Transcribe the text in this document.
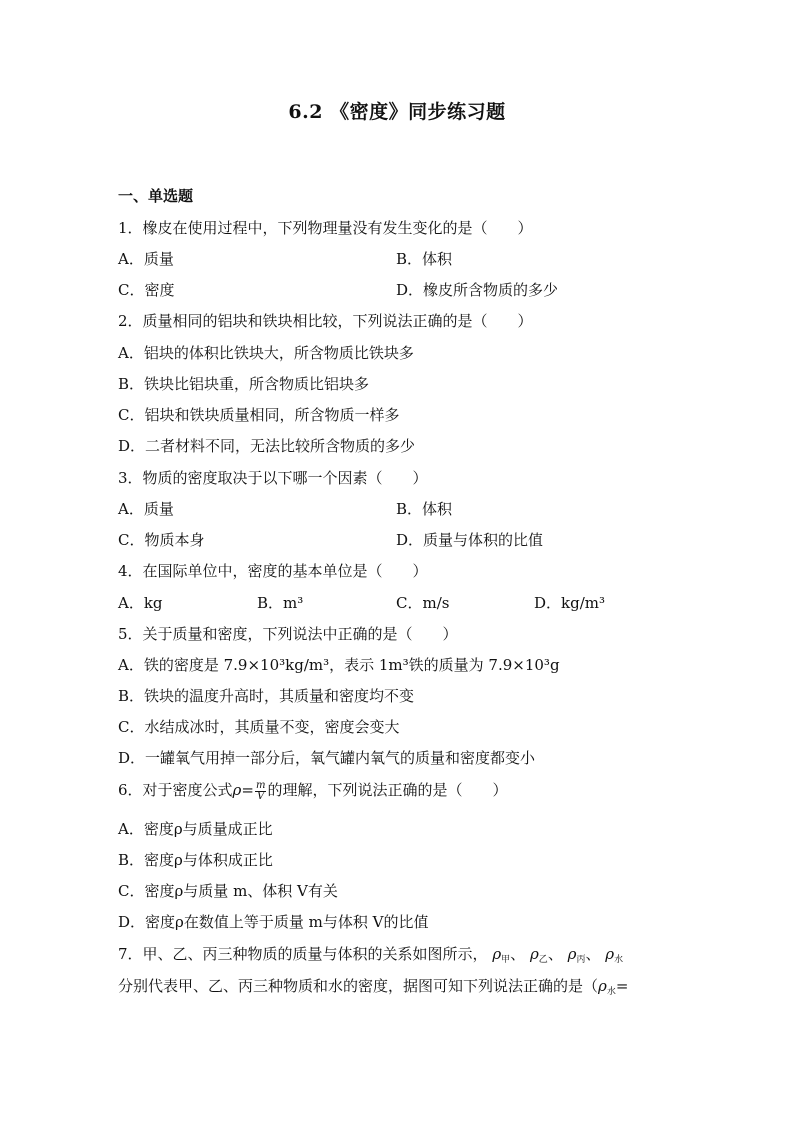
6.2 《密度》同步练习题
一、单选题
1．橡皮在使用过程中，下列物理量没有发生变化的是（　　）
A．质量	B．体积
C．密度	D．橡皮所含物质的多少
2．质量相同的铝块和铁块相比较，下列说法正确的是（　　）
A．铝块的体积比铁块大，所含物质比铁块多
B．铁块比铝块重，所含物质比铝块多
C．铝块和铁块质量相同，所含物质一样多
D．二者材料不同，无法比较所含物质的多少
3．物质的密度取决于以下哪一个因素（　　）
A．质量	B．体积
C．物质本身	D．质量与体积的比值
4．在国际单位中，密度的基本单位是（　　）
A．kg	B．m³	C．m/s	D．kg/m³
5．关于质量和密度，下列说法中正确的是（　　）
A．铁的密度是 7.9×10³kg/m³，表示 1m³铁的质量为 7.9×10³g
B．铁块的温度升高时，其质量和密度均不变
C．水结成冰时，其质量不变，密度会变大
D．一罐氧气用掉一部分后，氧气罐内氧气的质量和密度都变小
6．对于密度公式$\rho= \frac{m}{V}$ 的理解，下列说法正确的是（　　）
A．密度ρ与质量成正比
B．密度ρ与体积成正比
C．密度ρ与质量 m、体积 V有关
D．密度ρ在数值上等于质量 m与体积 V的比值
7．甲、乙、丙三种物质的质量与体积的关系如图所示， $\rho_甲$、 $\rho_乙$、 $\rho_丙$、 $\rho_水$
分别代表甲、乙、丙三种物质和水的密度，据图可知下列说法正确的是（$\rho_水=$
